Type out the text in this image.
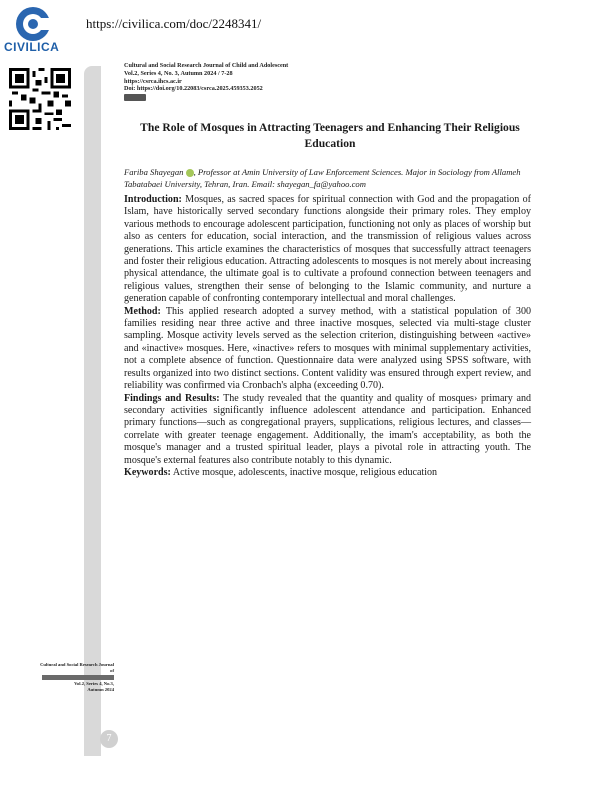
CIVILICA
https://civilica.com/doc/2248341/
Cultural and Social Research Journal of Child and Adolescent
Vol.2, Series 4, No. 3, Autumn 2024 / 7-28
https://csrca.ihcs.ac.ir
Doi: https://doi.org/10.22083/csrca.2025.459353.2052
The Role of Mosques in Attracting Teenagers and Enhancing Their Religious Education
Fariba Shayegan , Professor at Amin University of Law Enforcement Sciences. Major in Sociology from Allameh Tabatabaei University, Tehran, Iran. Email: shayegan_fa@yahoo.com

Introduction: Mosques, as sacred spaces for spiritual connection with God and the propagation of Islam, have historically served secondary functions alongside their primary roles. They employ various methods to encourage adolescent participation, functioning not only as places of worship but also as centers for education, social interaction, and the transmission of religious values across generations. This article examines the characteristics of mosques that successfully attract teenagers and foster their religious education. Attracting adolescents to mosques is not merely about increasing physical attendance, the ultimate goal is to cultivate a profound connection between teenagers and religious values, strengthen their sense of belonging to the Islamic community, and nurture a generation capable of confronting contemporary intellectual and moral challenges.

Method: This applied research adopted a survey method, with a statistical population of 300 families residing near three active and three inactive mosques, selected via multi-stage cluster sampling. Mosque activity levels served as the selection criterion, distinguishing between «active» and «inactive» mosques. Here, «inactive» refers to mosques with minimal supplementary activities, not a complete absence of function. Questionnaire data were analyzed using SPSS software, with results organized into two distinct sections. Content validity was ensured through expert review, and reliability was confirmed via Cronbach's alpha (exceeding 0.70).

Findings and Results: The study revealed that the quantity and quality of mosques› primary and secondary activities significantly influence adolescent attendance and participation. Enhanced primary functions—such as congregational prayers, supplications, religious lectures, and classes—correlate with greater teenage engagement. Additionally, the imam's acceptability, as both the mosque's manager and a trusted spiritual leader, plays a pivotal role in attracting youth. The mosque's external features also contribute notably to this dynamic.

Keywords: Active mosque, adolescents, inactive mosque, religious education

Cultural and Social Research Journal of
Vol.2, Series 4, No.3,
Autumn 2024
7
